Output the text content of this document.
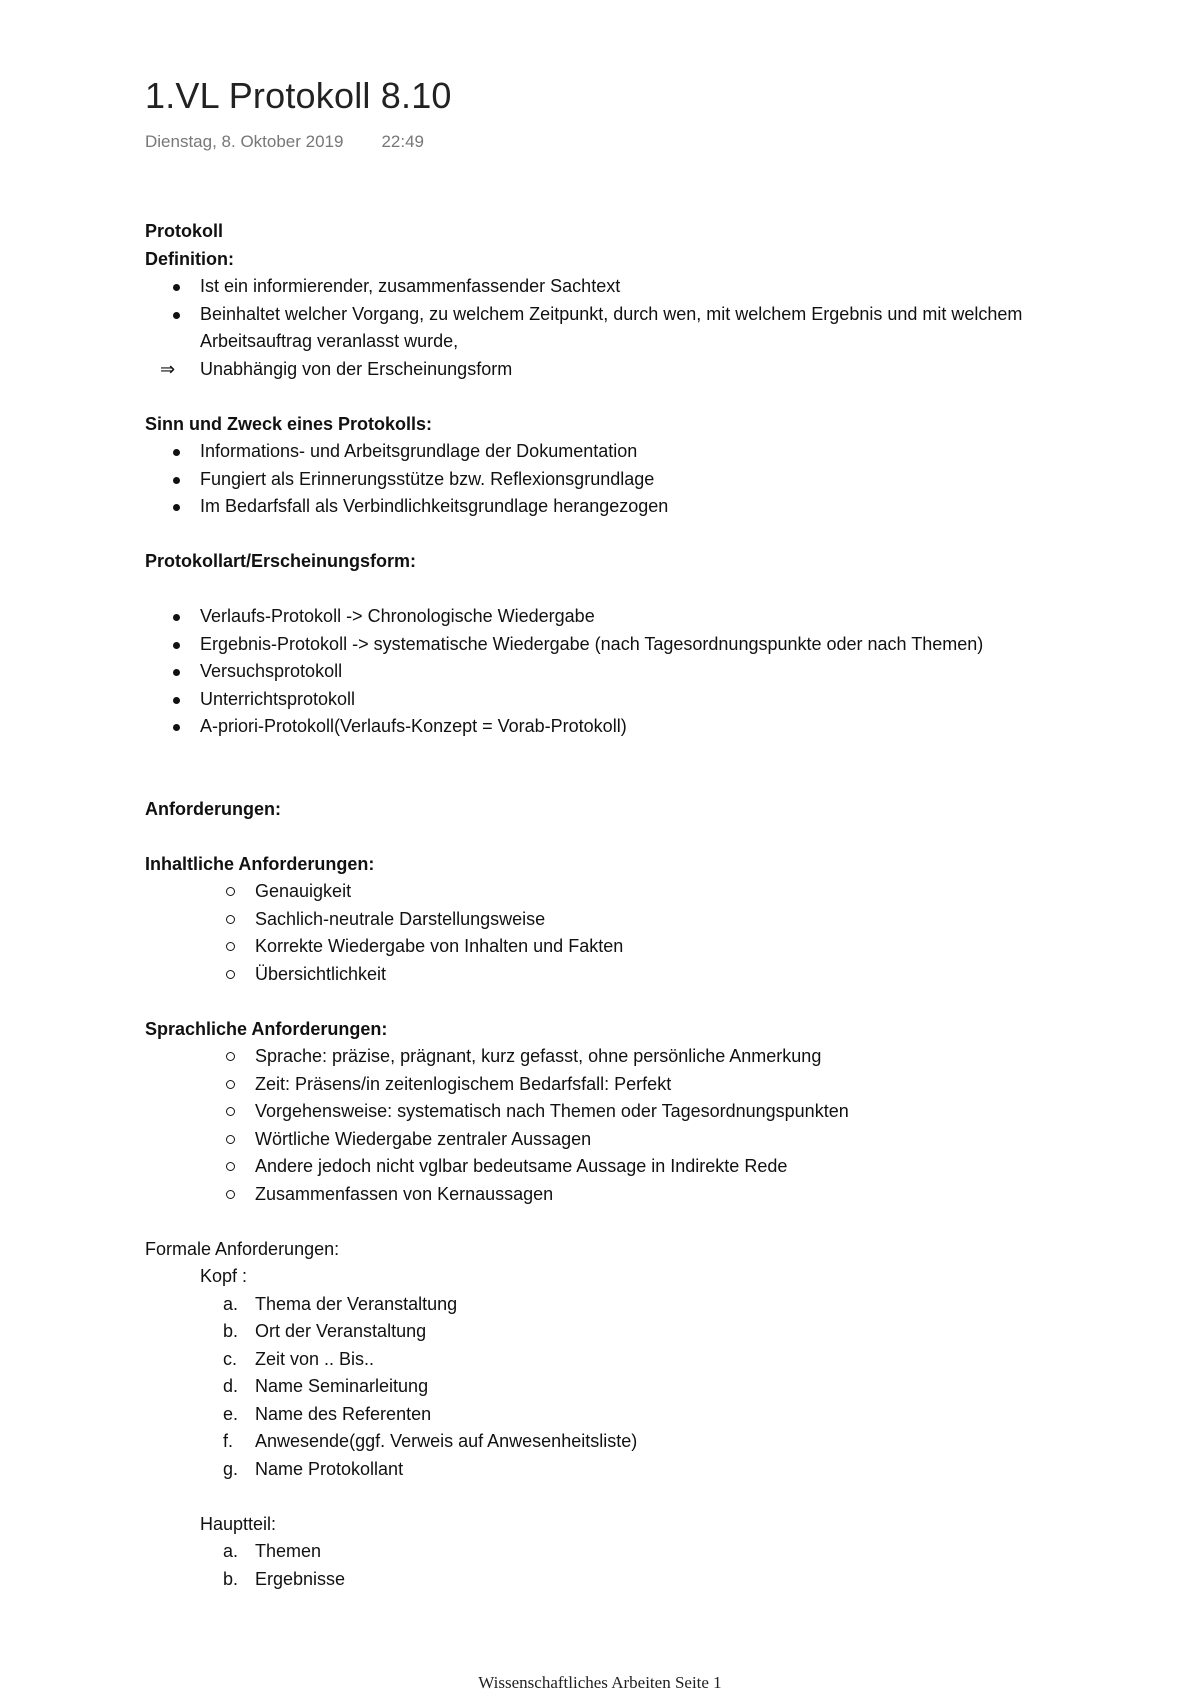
1.VL Protokoll 8.10
Dienstag, 8. Oktober 2019 22:49
Protokoll
Definition:
Ist ein informierender, zusammenfassender Sachtext
Beinhaltet welcher Vorgang, zu welchem Zeitpunkt, durch wen, mit welchem Ergebnis und mit welchem Arbeitsauftrag veranlasst wurde,
⇒ Unabhängig von der Erscheinungsform
Sinn und Zweck eines Protokolls:
Informations- und Arbeitsgrundlage der Dokumentation
Fungiert als Erinnerungsstütze bzw. Reflexionsgrundlage
Im Bedarfsfall als Verbindlichkeitsgrundlage herangezogen
Protokollart/Erscheinungsform:
Verlaufs-Protokoll -> Chronologische Wiedergabe
Ergebnis-Protokoll -> systematische Wiedergabe (nach Tagesordnungspunkte oder nach Themen)
Versuchsprotokoll
Unterrichtsprotokoll
A-priori-Protokoll(Verlaufs-Konzept = Vorab-Protokoll)
Anforderungen:
Inhaltliche Anforderungen:
Genauigkeit
Sachlich-neutrale Darstellungsweise
Korrekte Wiedergabe von Inhalten und Fakten
Übersichtlichkeit
Sprachliche Anforderungen:
Sprache: präzise, prägnant, kurz gefasst, ohne persönliche Anmerkung
Zeit: Präsens/in zeitenlogischem Bedarfsfall: Perfekt
Vorgehensweise: systematisch nach Themen oder Tagesordnungspunkten
Wörtliche Wiedergabe zentraler Aussagen
Andere jedoch nicht vglbar bedeutsame Aussage in Indirekte Rede
Zusammenfassen von Kernaussagen
Formale Anforderungen:
Kopf :
a. Thema der Veranstaltung
b. Ort der Veranstaltung
c. Zeit von .. Bis..
d. Name Seminarleitung
e. Name des Referenten
f.	Anwesende(ggf. Verweis auf Anwesenheitsliste)
g. Name Protokollant
Hauptteil:
a. Themen
b. Ergebnisse
Wissenschaftliches Arbeiten Seite 1
